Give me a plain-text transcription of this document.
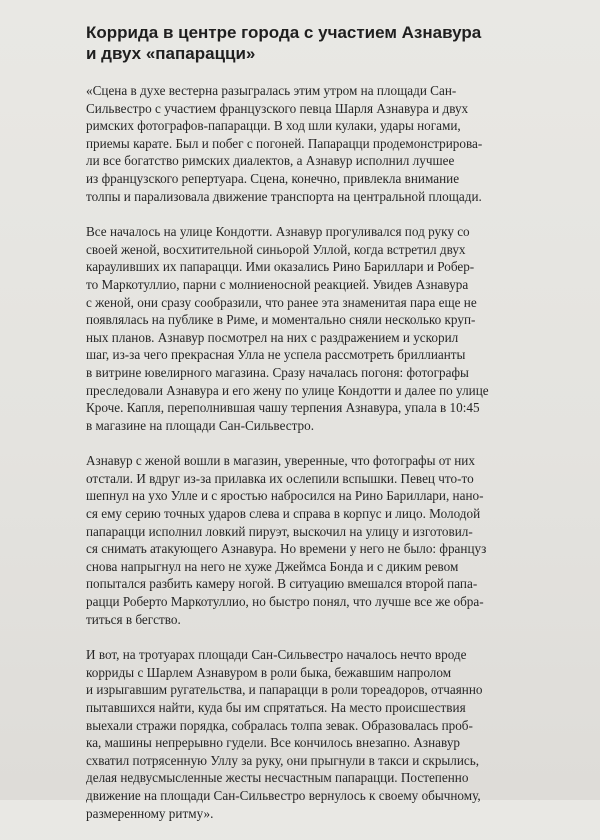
Коррида в центре города с участием Азнавура
и двух «папарацци»

«Сцена в духе вестерна разыгралась этим утром на площади Сан-
Сильвестро с участием французского певца Шарля Азнавура и двух
римских фотографов-папарацци. В ход шли кулаки, удары ногами,
приемы карате. Был и побег с погоней. Папарацци продемонстрирова-
ли все богатство римских диалектов, а Азнавур исполнил лучшее
из французского репертуара. Сцена, конечно, привлекла внимание
толпы и парализовала движение транспорта на центральной площади.

Все началось на улице Кондотти. Азнавур прогуливался под руку со
своей женой, восхитительной синьорой Уллой, когда встретил двух
караулившиx их папарацци. Ими оказались Рино Бариллари и Робер-
то Маркотуллио, парни с молниеносной реакцией. Увидев Азнавура
с женой, они сразу сообразили, что ранее эта знаменитая пара еще не
появлялась на публике в Риме, и моментально сняли несколько круп-
ных планов. Азнавур посмотрел на них с раздражением и ускорил
шаг, из-за чего прекрасная Улла не успела рассмотреть бриллианты
в витрине ювелирного магазина. Сразу началась погоня: фотографы
преследовали Азнавура и его жену по улице Кондотти и далее по улице
Кроче. Капля, переполнившая чашу терпения Азнавура, упала в 10:45
в магазине на площади Сан-Сильвестро.

Азнавур с женой вошли в магазин, уверенные, что фотографы от них
отстали. И вдруг из-за прилавка их ослепили вспышки. Певец что-то
шепнул на ухо Улле и с яростью набросился на Рино Бариллари, нано-
ся ему серию точных ударов слева и справа в корпус и лицо. Молодой
папарацци исполнил ловкий пируэт, выскочил на улицу и изготовил-
ся снимать атакующего Азнавура. Но времени у него не было: француз
снова напрыгнул на него не хуже Джеймса Бонда и с диким ревом
попытался разбить камеру ногой. В ситуацию вмешался второй папа-
рацци Роберто Маркотуллио, но быстро понял, что лучше все же обра-
титься в бегство.

И вот, на тротуарах площади Сан-Сильвестро началось нечто вроде
корриды с Шарлем Азнавуром в роли быка, бежавшим напролом
и изрыгавшим ругательства, и папарацци в роли тореадоров, отчаянно
пытавшихся найти, куда бы им спрятаться. На место происшествия
выехали стражи порядка, собралась толпа зевак. Образовалась проб-
ка, машины непрерывно гудели. Все кончилось внезапно. Азнавур
схватил потрясенную Уллу за руку, они прыгнули в такси и скрылись,
делая недвусмысленные жесты несчастным папарацци. Постепенно
движение на площади Сан-Сильвестро вернулось к своему обычному,
размеренному ритму».
